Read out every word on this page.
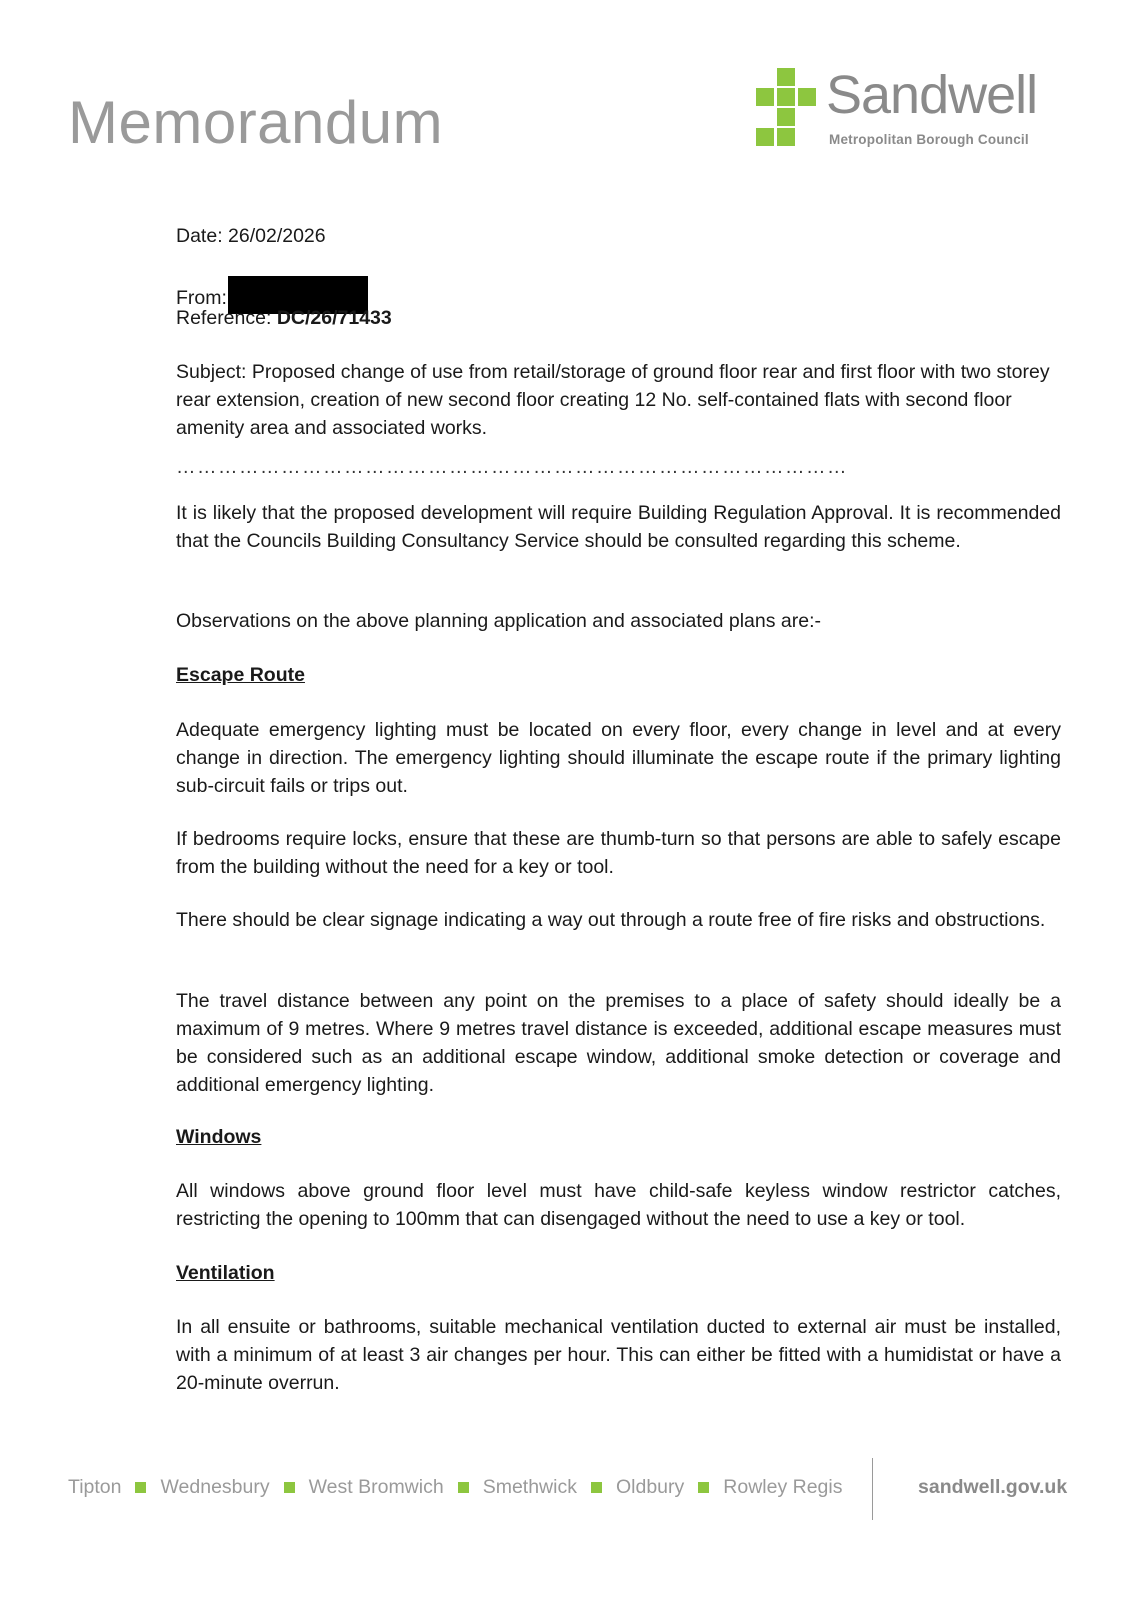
Memorandum	Sandwell
Metropolitan Borough Council
Date: 26/02/2026
From:
Reference: DC/26/71433

Subject: Proposed change of use from retail/storage of ground floor rear and first floor with two storey rear extension, creation of new second floor creating 12 No. self-contained flats with second floor amenity area and associated works.

……………………………………………………………………………………

It is likely that the proposed development will require Building Regulation Approval. It is recommended that the Councils Building Consultancy Service should be consulted regarding this scheme.

Observations on the above planning application and associated plans are:-

Escape Route

Adequate emergency lighting must be located on every floor, every change in level and at every change in direction. The emergency lighting should illuminate the escape route if the primary lighting sub-circuit fails or trips out.

If bedrooms require locks, ensure that these are thumb-turn so that persons are able to safely escape from the building without the need for a key or tool.

There should be clear signage indicating a way out through a route free of fire risks and obstructions.

The travel distance between any point on the premises to a place of safety should ideally be a maximum of 9 metres. Where 9 metres travel distance is exceeded, additional escape measures must be considered such as an additional escape window, additional smoke detection or coverage and additional emergency lighting.

Windows

All windows above ground floor level must have child-safe keyless window restrictor catches, restricting the opening to 100mm that can disengaged without the need to use a key or tool.

Ventilation

In all ensuite or bathrooms, suitable mechanical ventilation ducted to external air must be installed, with a minimum of at least 3 air changes per hour. This can either be fitted with a humidistat or have a 20-minute overrun.

Tipton Wednesbury West Bromwich Smethwick Oldbury Rowley Regis	sandwell.gov.uk
